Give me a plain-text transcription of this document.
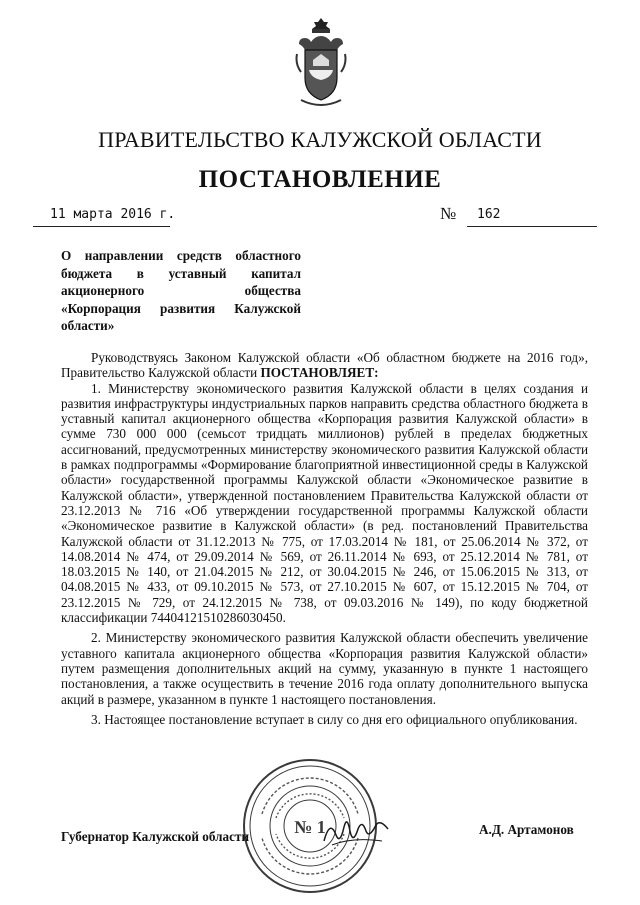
ПРАВИТЕЛЬСТВО КАЛУЖСКОЙ ОБЛАСТИ
ПОСТАНОВЛЕНИЕ
11 марта 2016 г.	№ 162
О направлении средств областного
бюджета в уставный капитал
акционерного общества
«Корпорация развития Калужской
области»

Руководствуясь Законом Калужской области «Об областном бюджете на 2016 год», Правительство Калужской области ПОСТАНОВЛЯЕТ:

1. Министерству экономического развития Калужской области в целях создания и развития инфраструктуры индустриальных парков направить средства областного бюджета в уставный капитал акционерного общества «Корпорация развития Калужской области» в сумме 730 000 000 (семьсот тридцать миллионов) рублей в пределах бюджетных ассигнований, предусмотренных министерству экономического развития Калужской области в рамках подпрограммы «Формирование благоприятной инвестиционной среды в Калужской области» государственной программы Калужской области «Экономическое развитие в Калужской области», утвержденной постановлением Правительства Калужской области от 23.12.2013 № 716 «Об утверждении государственной программы Калужской области «Экономическое развитие в Калужской области» (в ред. постановлений Правительства Калужской области от 31.12.2013 № 775, от 17.03.2014 № 181, от 25.06.2014 № 372, от 14.08.2014 № 474, от 29.09.2014 № 569, от 26.11.2014 № 693, от 25.12.2014 № 781, от 18.03.2015 № 140, от 21.04.2015 № 212, от 30.04.2015 № 246, от 15.06.2015 № 313, от 04.08.2015 № 433, от 09.10.2015 № 573, от 27.10.2015 № 607, от 15.12.2015 № 704, от 23.12.2015 № 729, от 24.12.2015 № 738, от 09.03.2016 № 149), по коду бюджетной классификации 74404121510286030450.

2. Министерству экономического развития Калужской области обеспечить увеличение уставного капитала акционерного общества «Корпорация развития Калужской области» путем размещения дополнительных акций на сумму, указанную в пункте 1 настоящего постановления, а также осуществить в течение 2016 года оплату дополнительного выпуска акций в размере, указанном в пункте 1 настоящего постановления.

3. Настоящее постановление вступает в силу со дня его официального опубликования.

№ 1
Губернатор Калужской области	А.Д. Артамонов
